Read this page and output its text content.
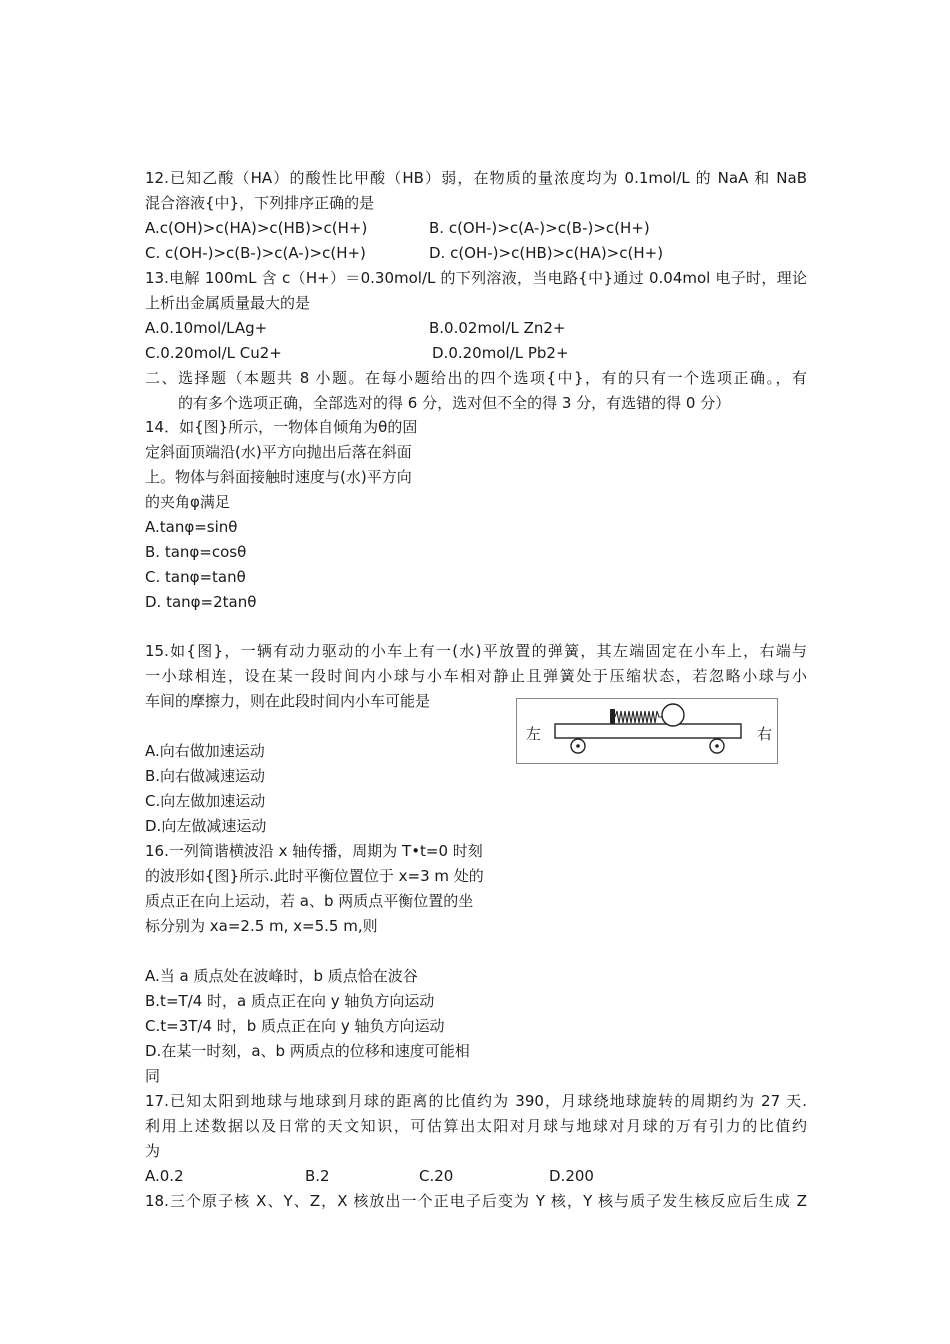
12.已知乙酸（HA）的酸性比甲酸（HB）弱，在物质的量浓度均为 0.1mol/L 的 NaA 和 NaB
混合溶液{中}，下列排序正确的是
A.c(OH)>c(HA)>c(HB)>c(H+)	B. c(OH-)>c(A-)>c(B-)>c(H+)
C. c(OH-)>c(B-)>c(A-)>c(H+)	D. c(OH-)>c(HB)>c(HA)>c(H+)
13.电解 100mL 含 c（H+）＝0.30mol/L 的下列溶液，当电路{中}通过 0.04mol 电子时，理论
上析出金属质量最大的是
A.0.10mol/LAg+	B.0.02mol/L Zn2+
C.0.20mol/L Cu2+	D.0.20mol/L Pb2+
二、选择题（本题共 8 小题。在每小题给出的四个选项{中}，有的只有一个选项正确。，有
的有多个选项正确，全部选对的得 6 分，选对但不全的得 3 分，有选错的得 0 分）
14．如{图}所示，一物体自倾角为θ的固
定斜面顶端沿(水)平方向抛出后落在斜面
上。物体与斜面接触时速度与(水)平方向
的夹角φ满足
A.tanφ=sinθ
B. tanφ=cosθ
C. tanφ=tanθ
D. tanφ=2tanθ
15.如{图}，一辆有动力驱动的小车上有一(水)平放置的弹簧，其左端固定在小车上，右端与
一小球相连，设在某一段时间内小球与小车相对静止且弹簧处于压缩状态，若忽略小球与小
车间的摩擦力，则在此段时间内小车可能是
A.向右做加速运动
B.向右做减速运动
C.向左做加速运动
D.向左做减速运动
左	右
16.一列简谐横波沿 x 轴传播，周期为 T•t=0 时刻
的波形如{图}所示.此时平衡位置位于 x=3 m 处的
质点正在向上运动，若 a、b 两质点平衡位置的坐
标分别为 xa=2.5 m, x=5.5 m,则
A.当 a 质点处在波峰时，b 质点恰在波谷
B.t=T/4 时，a 质点正在向 y 轴负方向运动
C.t=3T/4 时，b 质点正在向 y 轴负方向运动
D.在某一时刻，a、b 两质点的位移和速度可能相
同
17.已知太阳到地球与地球到月球的距离的比值约为 390，月球绕地球旋转的周期约为 27 天.
利用上述数据以及日常的天文知识，可估算出太阳对月球与地球对月球的万有引力的比值约
为
A.0.2	B.2	C.20	D.200
18.三个原子核 X、Y、Z，X 核放出一个正电子后变为 Y 核，Y 核与质子发生核反应后生成 Z
